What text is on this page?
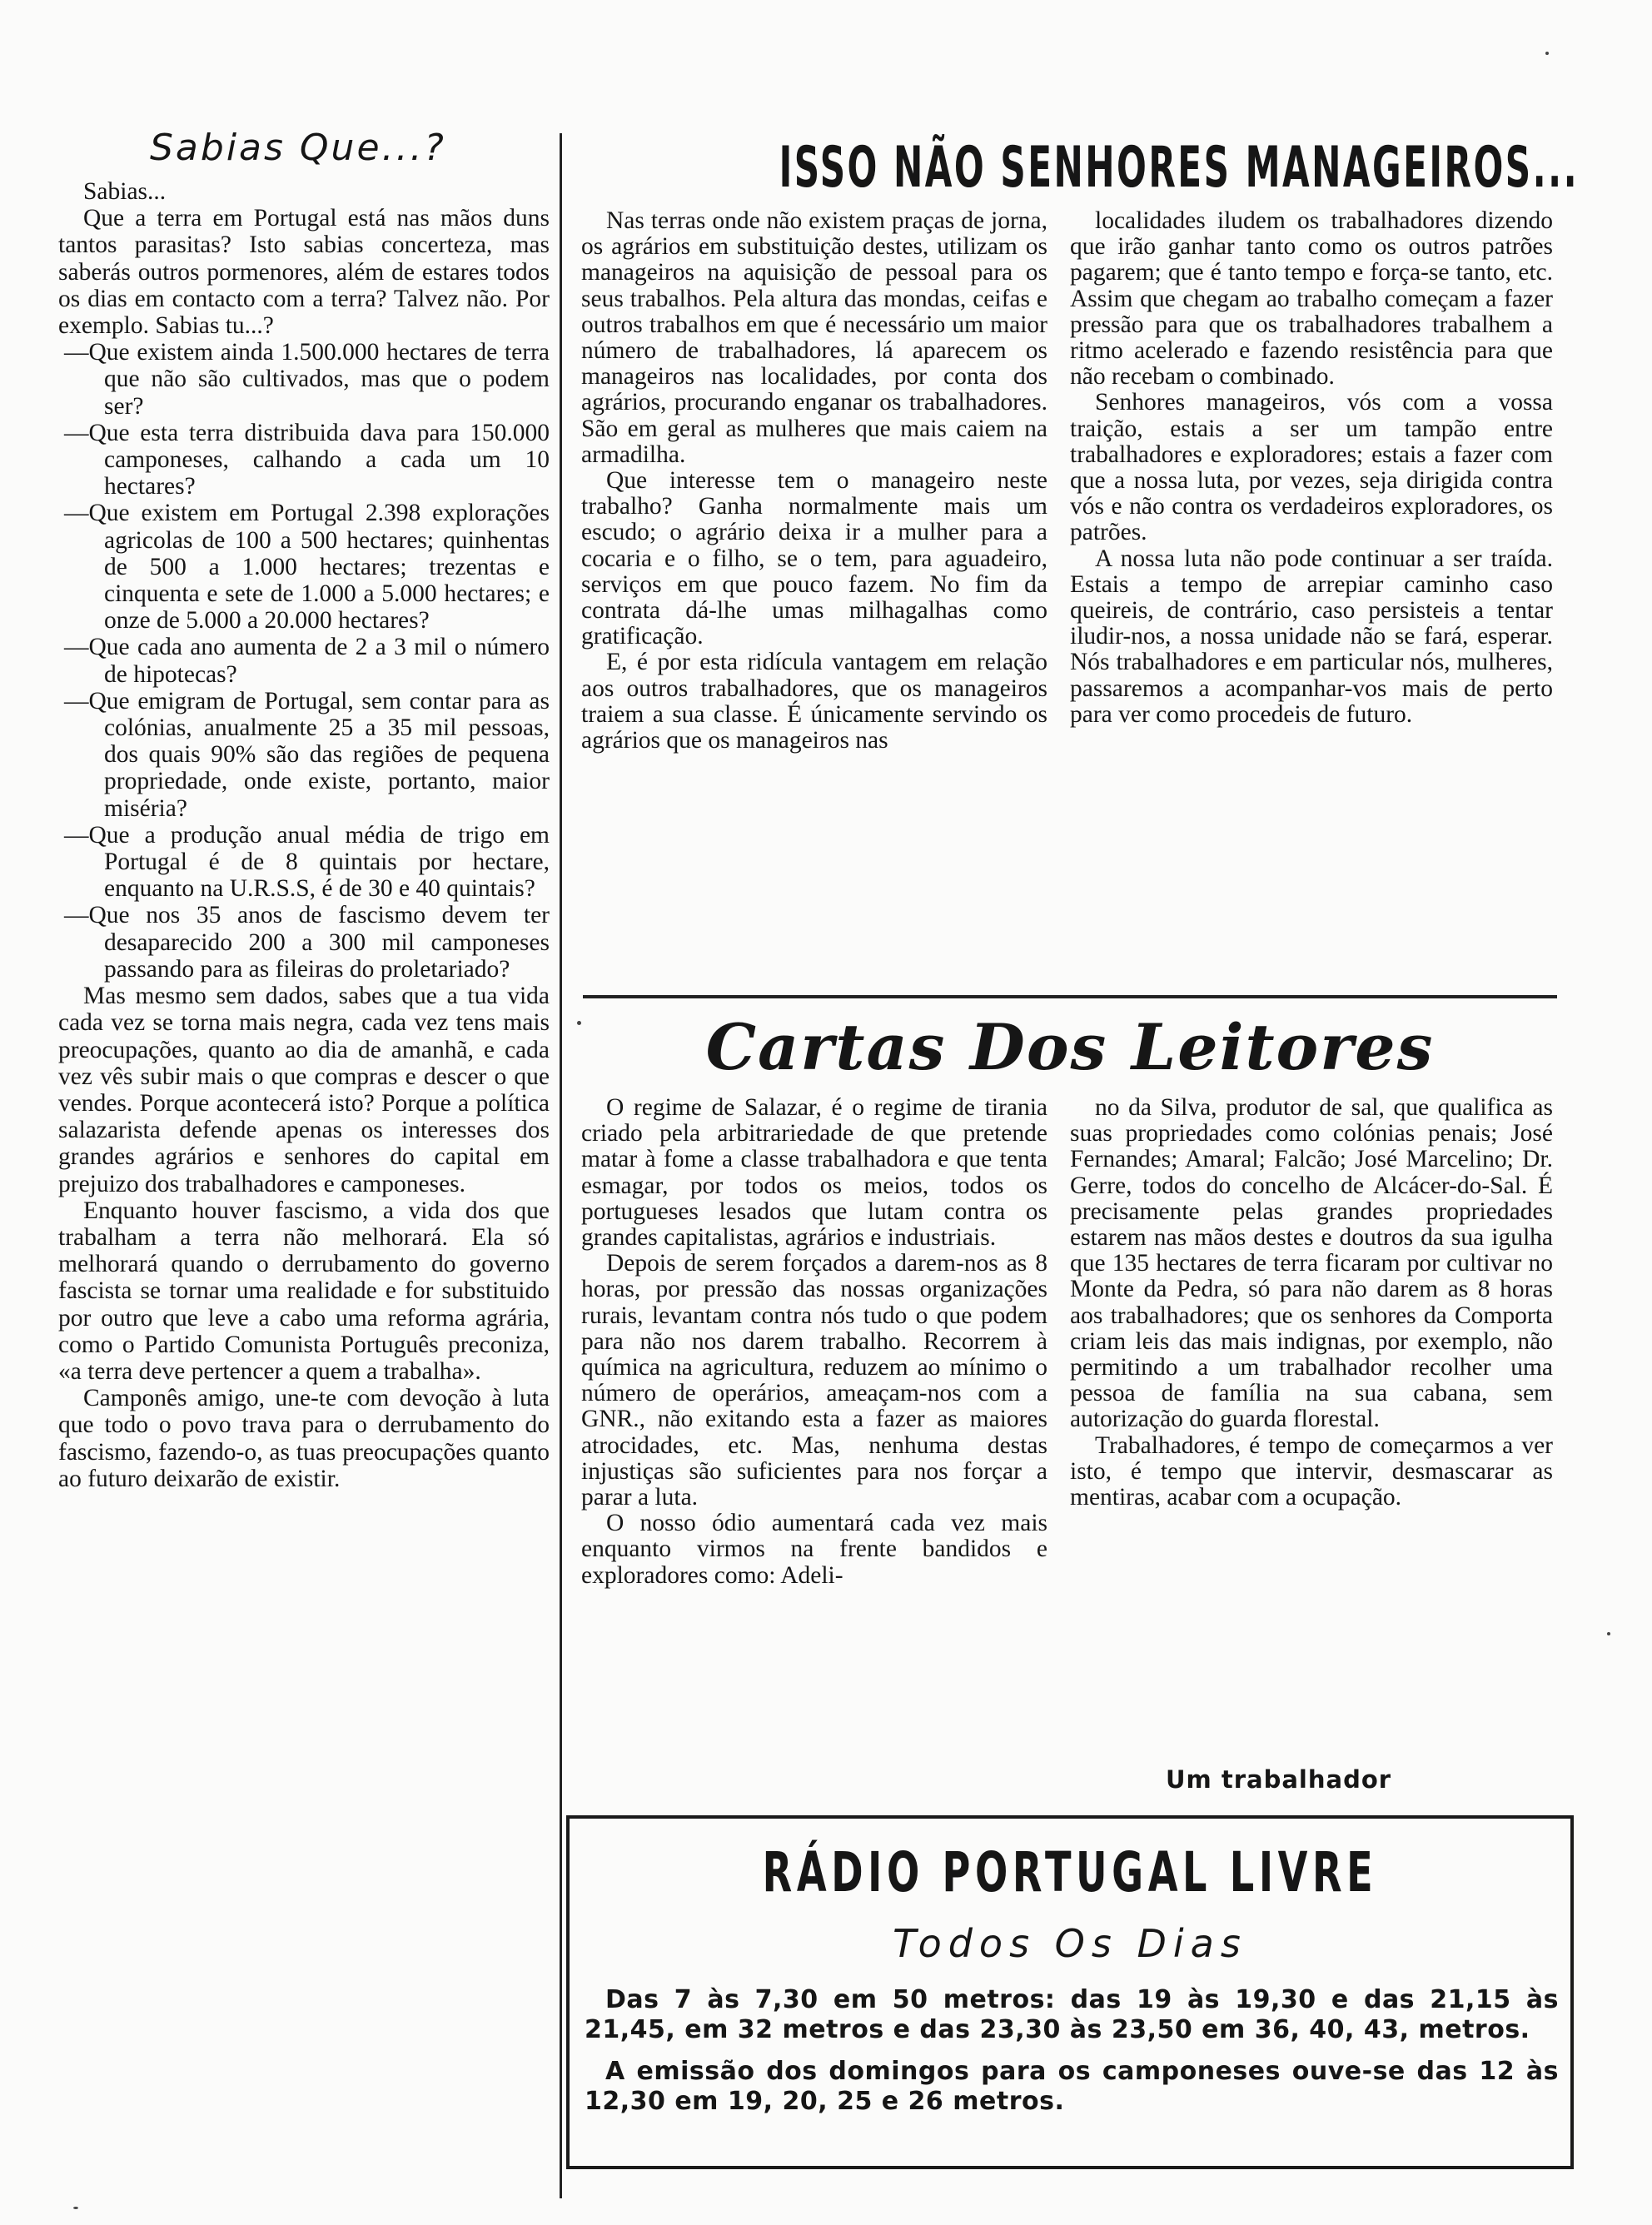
Sabias Que...?

Sabias...

Que a terra em Portugal está nas mãos duns tantos parasitas? Isto sabias concerteza, mas saberás outros pormenores, além de estares todos os dias em contacto com a terra? Talvez não. Por exemplo. Sabias tu...?

—Que existem ainda 1.500.000 hectares de terra que não são cultivados, mas que o podem ser?

—Que esta terra distribuida dava para 150.000 camponeses, calhando a cada um 10 hectares?

—Que existem em Portugal 2.398 explorações agricolas de 100 a 500 hectares; quinhentas de 500 a 1.000 hectares; trezentas e cinquenta e sete de 1.000 a 5.000 hectares; e onze de 5.000 a 20.000 hectares?

—Que cada ano aumenta de 2 a 3 mil o número de hipotecas?

—Que emigram de Portugal, sem contar para as colónias, anualmente 25 a 35 mil pessoas, dos quais 90% são das regiões de pequena propriedade, onde existe, portanto, maior miséria?

—Que a produção anual média de trigo em Portugal é de 8 quintais por hectare, enquanto na U.R.S.S, é de 30 e 40 quintais?

—Que nos 35 anos de fascismo devem ter desaparecido 200 a 300 mil camponeses passando para as fileiras do proletariado?

Mas mesmo sem dados, sabes que a tua vida cada vez se torna mais negra, cada vez tens mais preocupações, quanto ao dia de amanhã, e cada vez vês subir mais o que compras e descer o que vendes. Porque acontecerá isto? Porque a política salazarista defende apenas os interesses dos grandes agrários e senhores do capital em prejuizo dos trabalhadores e camponeses.

Enquanto houver fascismo, a vida dos que trabalham a terra não melhorará. Ela só melhorará quando o derrubamento do governo fascista se tornar uma realidade e for substituido por outro que leve a cabo uma reforma agrária, como o Partido Comunista Português preconiza, «a terra deve pertencer a quem a trabalha».

Camponês amigo, une-te com devoção à luta que todo o povo trava para o derrubamento do fascismo, fazendo-o, as tuas preocupações quanto ao futuro deixarão de existir.

ISSO NÃO SENHORES MANAGEIROS...

Nas terras onde não existem praças de jorna, os agrários em substituição destes, utilizam os manageiros na aquisição de pessoal para os seus trabalhos. Pela altura das mondas, ceifas e outros trabalhos em que é necessário um maior número de trabalhadores, lá aparecem os manageiros nas localidades, por conta dos agrários, procurando enganar os trabalhadores. São em geral as mulheres que mais caiem na armadilha.

Que interesse tem o manageiro neste trabalho? Ganha normalmente mais um escudo; o agrário deixa ir a mulher para a cocaria e o filho, se o tem, para aguadeiro, serviços em que pouco fazem. No fim da contrata dá-lhe umas milhagalhas como gratificação.

E, é por esta ridícula vantagem em relação aos outros trabalhadores, que os manageiros traiem a sua classe. É únicamente servindo os agrários que os manageiros nas

localidades iludem os trabalhadores dizendo que irão ganhar tanto como os outros patrões pagarem; que é tanto tempo e força-se tanto, etc. Assim que chegam ao trabalho começam a fazer pressão para que os trabalhadores trabalhem a ritmo acelerado e fazendo resistência para que não recebam o combinado.

Senhores manageiros, vós com a vossa traição, estais a ser um tampão entre trabalhadores e exploradores; estais a fazer com que a nossa luta, por vezes, seja dirigida contra vós e não contra os verdadeiros exploradores, os patrões.

A nossa luta não pode continuar a ser traída. Estais a tempo de arrepiar caminho caso queireis, de contrário, caso persisteis a tentar iludir-nos, a nossa unidade não se fará, esperar. Nós trabalhadores e em particular nós, mulheres, passaremos a acompanhar-vos mais de perto para ver como procedeis de futuro.

Cartas Dos Leitores

O regime de Salazar, é o regime de tirania criado pela arbitrariedade de que pretende matar à fome a classe trabalhadora e que tenta esmagar, por todos os meios, todos os portugueses lesados que lutam contra os grandes capitalistas, agrários e industriais.

Depois de serem forçados a darem-nos as 8 horas, por pressão das nossas organizações rurais, levantam contra nós tudo o que podem para não nos darem trabalho. Recorrem à química na agricultura, reduzem ao mínimo o número de operários, ameaçam-nos com a GNR., não exitando esta a fazer as maiores atrocidades, etc. Mas, nenhuma destas injustiças são suficientes para nos forçar a parar a luta.

O nosso ódio aumentará cada vez mais enquanto virmos na frente bandidos e exploradores como: Adeli-

no da Silva, produtor de sal, que qualifica as suas propriedades como colónias penais; José Fernandes; Amaral; Falcão; José Marcelino; Dr. Gerre, todos do concelho de Alcácer-do-Sal. É precisamente pelas grandes propriedades estarem nas mãos destes e doutros da sua igulha que 135 hectares de terra ficaram por cultivar no Monte da Pedra, só para não darem as 8 horas aos trabalhadores; que os senhores da Comporta criam leis das mais indignas, por exemplo, não permitindo a um trabalhador recolher uma pessoa de família na sua cabana, sem autorização do guarda florestal.

Trabalhadores, é tempo de começarmos a ver isto, é tempo que intervir, desmascarar as mentiras, acabar com a ocupação.

Um trabalhador
RÁDIO PORTUGAL LIVRE
Todos Os Dias

Das 7 às 7,30 em 50 metros: das 19 às 19,30 e das 21,15 às 21,45, em 32 metros e das 23,30 às 23,50 em 36, 40, 43, metros.

A emissão dos domingos para os camponeses ouve-se das 12 às 12,30 em 19, 20, 25 e 26 metros.
